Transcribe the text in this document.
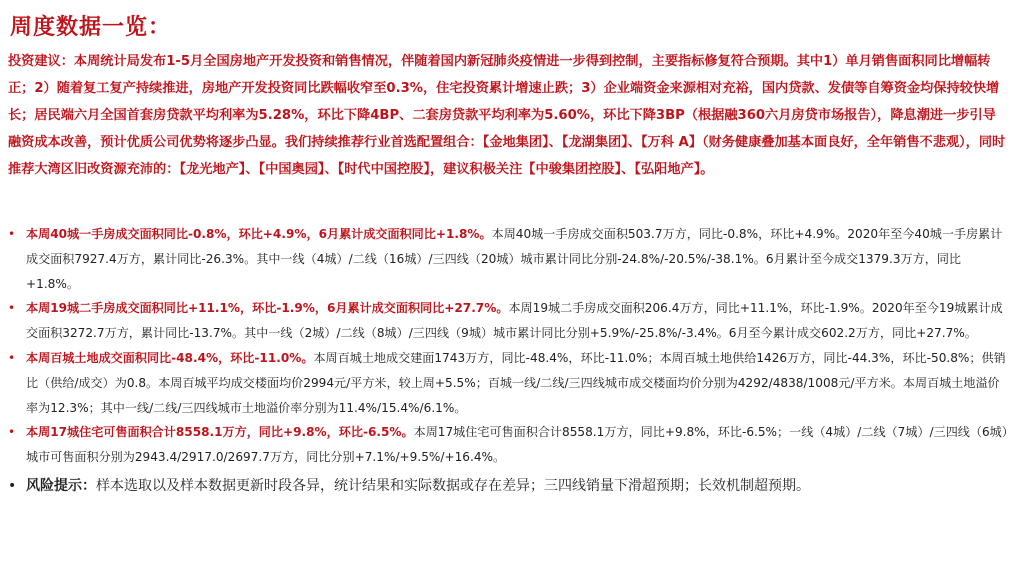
周度数据一览：
投资建议：本周统计局发布1-5月全国房地产开发投资和销售情况，伴随着国内新冠肺炎疫情进一步得到控制，主要指标修复符合预期。其中1）单月销售面积同比增幅转正；2）随着复工复产持续推进，房地产开发投资同比跌幅收窄至0.3%，住宅投资累计增速止跌；3）企业端资金来源相对充裕，国内贷款、发债等自筹资金均保持较快增长；居民端六月全国首套房贷款平均利率为5.28%，环比下降4BP、二套房贷款平均利率为5.60%，环比下降3BP（根据融360六月房贷市场报告），降息潮进一步引导融资成本改善，预计优质公司优势将逐步凸显。我们持续推荐行业首选配置组合：【金地集团】、【龙湖集团】、【万科 A】（财务健康叠加基本面良好，全年销售不悲观），同时推荐大湾区旧改资源充沛的：【龙光地产】、【中国奥园】、【时代中国控股】，建议积极关注【中骏集团控股】、【弘阳地产】。
• 本周40城一手房成交面积同比-0.8%，环比+4.9%，6月累计成交面积同比+1.8%。本周40城一手房成交面积503.7万方，同比-0.8%，环比+4.9%。2020年至今40城一手房累计成交面积7927.4万方，累计同比-26.3%。其中一线（4城）/二线（16城）/三四线（20城）城市累计同比分别-24.8%/-20.5%/-38.1%。6月累计至今成交1379.3万方，同比+1.8%。
• 本周19城二手房成交面积同比+11.1%，环比-1.9%，6月累计成交面积同比+27.7%。本周19城二手房成交面积206.4万方，同比+11.1%，环比-1.9%。2020年至今19城累计成交面积3272.7万方，累计同比-13.7%。其中一线（2城）/二线（8城）/三四线（9城）城市累计同比分别+5.9%/-25.8%/-3.4%。6月至今累计成交602.2万方，同比+27.7%。
• 本周百城土地成交面积同比-48.4%，环比-11.0%。本周百城土地成交建面1743万方，同比-48.4%，环比-11.0%；本周百城土地供给1426万方，同比-44.3%，环比-50.8%；供销比（供给/成交）为0.8。本周百城平均成交楼面均价2994元/平方米，较上周+5.5%；百城一线/二线/三四线城市成交楼面均价分别为4292/4838/1008元/平方米。本周百城土地溢价率为12.3%；其中一线/二线/三四线城市土地溢价率分别为11.4%/15.4%/6.1%。
• 本周17城住宅可售面积合计8558.1万方，同比+9.8%，环比-6.5%。本周17城住宅可售面积合计8558.1万方，同比+9.8%，环比-6.5%；一线（4城）/二线（7城）/三四线（6城）城市可售面积分别为2943.4/2917.0/2697.7万方，同比分别+7.1%/+9.5%/+16.4%。
• 风险提示：样本选取以及样本数据更新时段各异，统计结果和实际数据或存在差异；三四线销量下滑超预期；长效机制超预期。
